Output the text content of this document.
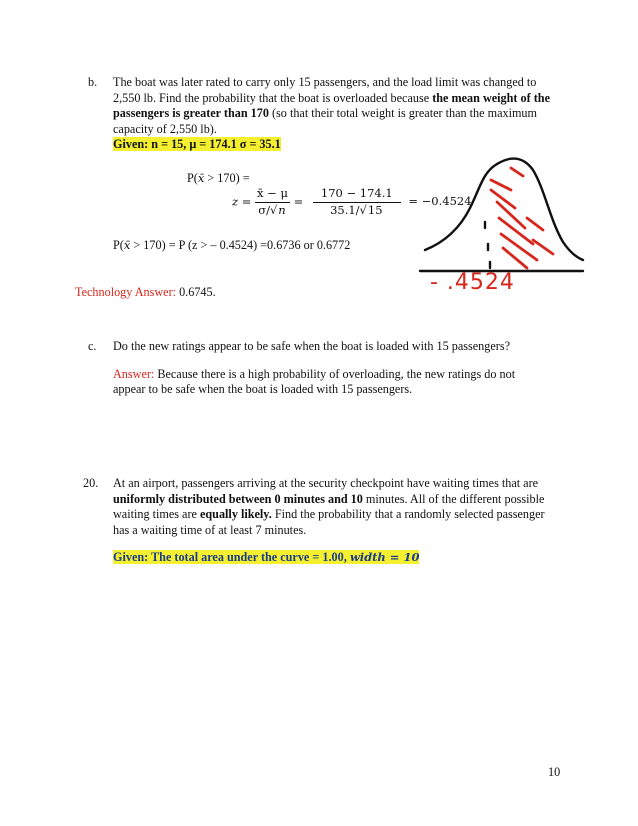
b. The boat was later rated to carry only 15 passengers, and the load limit was changed to
2,550 lb. Find the probability that the boat is overloaded because the mean weight of the
passengers is greater than 170 (so that their total weight is greater than the maximum
capacity of 2,550 lb).
Given: n = 15, μ = 174.1 σ = 35.1
P(x̄ > 170) =
$z = \frac{x̄ - \mu}{\sigma/√n} = \frac{170 - 174.1}{35.1/√15} = -0.4524$
P(x̄ > 170) = P (z > – 0.4524) =0.6736 or 0.6772
Technology Answer: 0.6745.	- .4524
c. Do the new ratings appear to be safe when the boat is loaded with 15 passengers?
Answer: Because there is a high probability of overloading, the new ratings do not
appear to be safe when the boat is loaded with 15 passengers.
20. At an airport, passengers arriving at the security checkpoint have waiting times that are
uniformly distributed between 0 minutes and 10 minutes. All of the different possible
waiting times are equally likely. Find the probability that a randomly selected passenger
has a waiting time of at least 7 minutes.
Given: The total area under the curve = 1.00, width = 10
10
